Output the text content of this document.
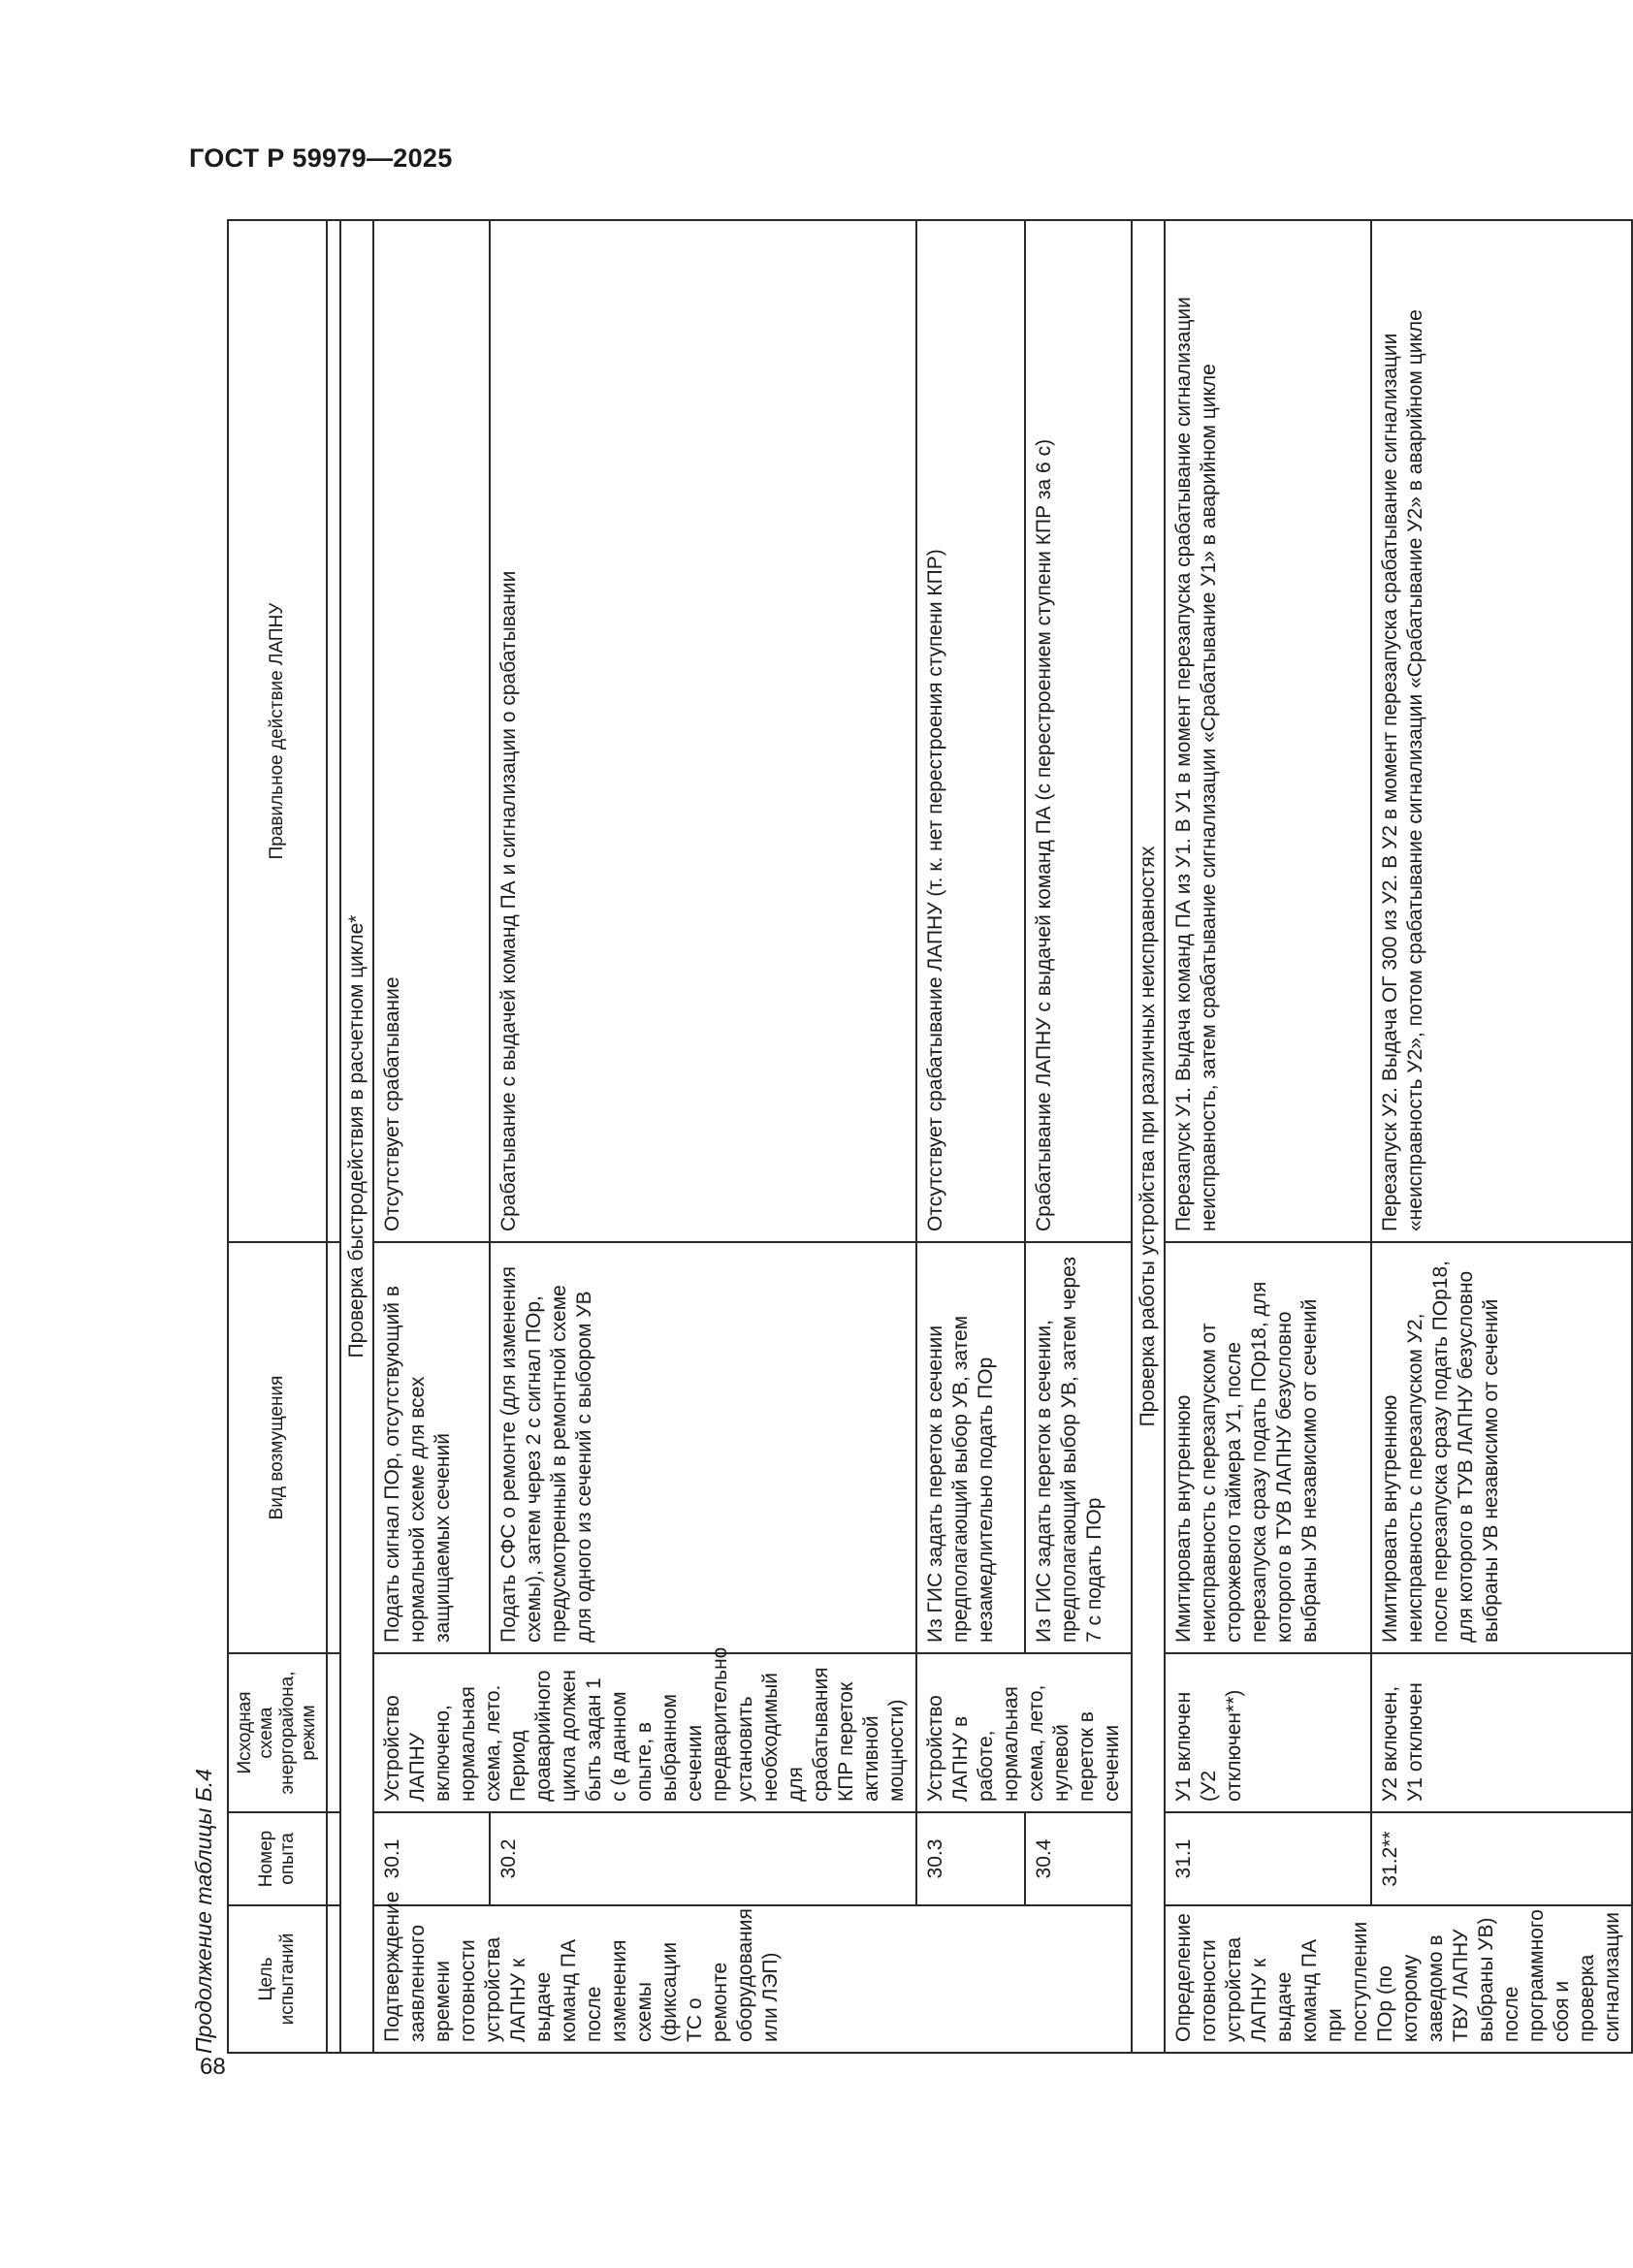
ГОСТ Р 59979—2025
68
Продолжение таблицы Б.4	Цель испытаний	Номер опыта	Исходная схема энергорайона, режим	Вид возмущения	Правильное действие ЛАПНУ

Проверка быстродействия в расчетном цикле*				
Подтверждение заявленного времени готовности устройства ЛАПНУ к выдаче команд ПА после изменения схемы (фиксации ТС о ремонте оборудования или ЛЭП)	30.1	Устройство ЛАПНУ включено, нормальная схема, лето. Период доаварийного цикла должен быть задан 1 с (в данном опыте, в выбранном сечении предварительно установить необходимый для срабатывания КПР переток активной мощности)	Подать сигнал ПОр, отсутствующий в нормальной схеме для всех защищаемых сечений	Отсутствует срабатывание
	30.2		Подать СФС о ремонте (для изменения схемы), затем через 2 с сигнал ПОр, предусмотренный в ремонтной схеме для одного из сечений с выбором УВ	Срабатывание с выдачей команд ПА и сигнализации о срабатывании
	30.3	Устройство ЛАПНУ в работе, нормальная схема, лето, нулевой переток в сечении	Из ГИС задать переток в сечении предполагающий выбор УВ, затем незамедлительно подать ПОр	Отсутствует срабатывание ЛАПНУ (т. к. нет перестроения ступени КПР)
	30.4		Из ГИС задать переток в сечении, предполагающий выбор УВ, затем через 7 с подать ПОр	Срабатывание ЛАПНУ с выдачей команд ПА (с перестроением ступени КПР за 6 с)
Проверка работы устройства при различных неисправностях				
Определение готовности устройства ЛАПНУ к выдаче команд ПА при поступлении ПОр (по которому заведомо в ТВУ ЛАПНУ выбраны УВ) после программного сбоя и проверка сигнализации	31.1	У1 включен (У2 отключен**)	Имитировать внутреннюю неисправность с перезапуском от сторожевого таймера У1, после перезапуска сразу подать ПОр18, для которого в ТУВ ЛАПНУ безусловно выбраны УВ независимо от сечений	Перезапуск У1. Выдача команд ПА из У1. В У1 в момент перезапуска срабатывание сигнализации неисправность, затем срабатывание сигнализации «Срабатывание У1» в аварийном цикле
	31.2**	У2 включен, У1 отключен	Имитировать внутреннюю неисправность с перезапуском У2, после перезапуска сразу подать ПОр18, для которого в ТУВ ЛАПНУ безусловно выбраны УВ независимо от сечений	Перезапуск У2. Выдача ОГ 300 из У2. В У2 в момент перезапуска срабатывание сигнализации «неисправность У2», потом срабатывание сигнализации «Срабатывание У2» в аварийном цикле
